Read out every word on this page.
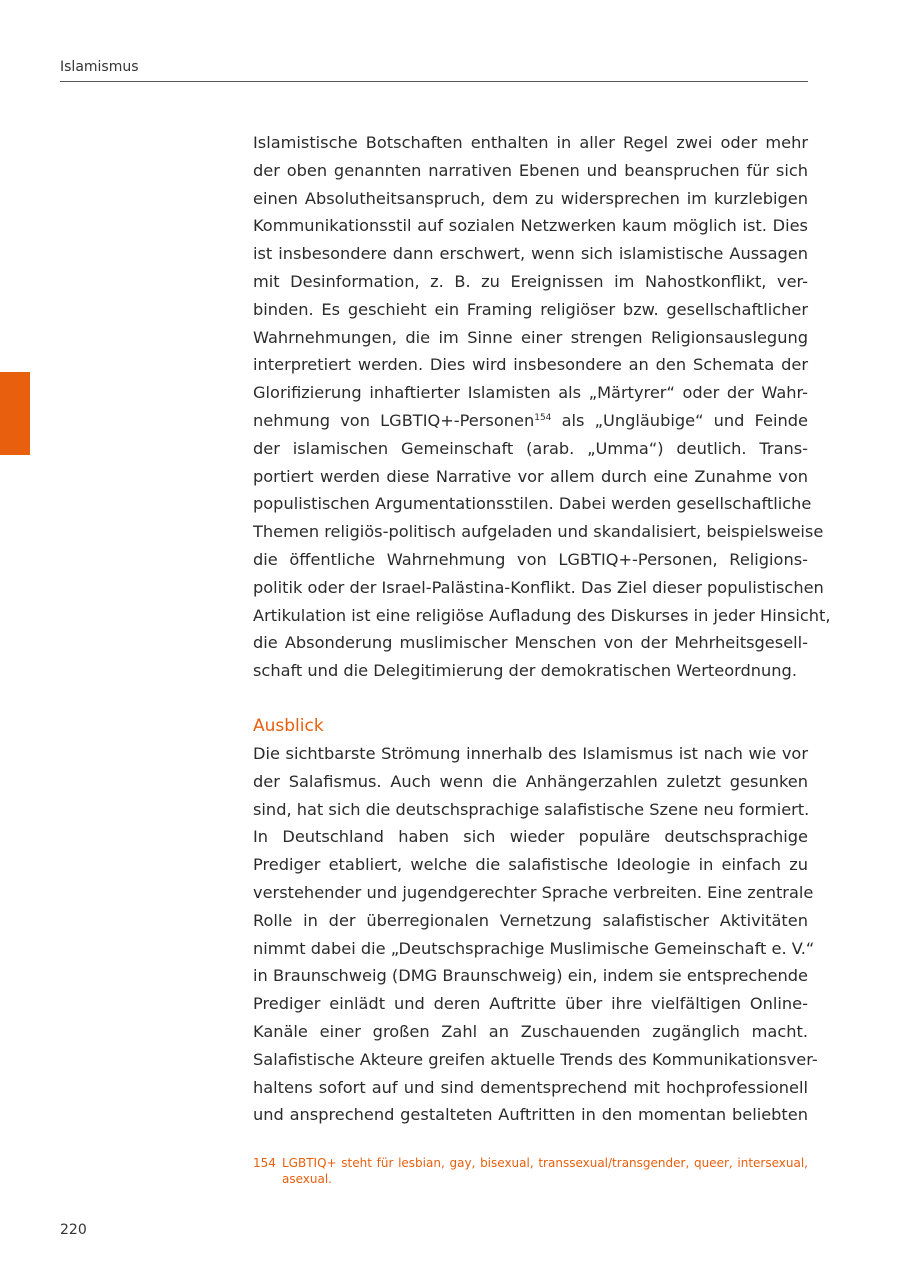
Islamismus
Islamistische Botschaften enthalten in aller Regel zwei oder mehr
der oben genannten narrativen Ebenen und beanspruchen für sich
einen Absolutheitsanspruch, dem zu widersprechen im kurzlebigen
Kommunikationsstil auf sozialen Netzwerken kaum möglich ist. Dies
ist insbesondere dann erschwert, wenn sich islamistische Aussagen
mit Desinformation, z. B. zu Ereignissen im Nahostkonflikt, ver-
binden. Es geschieht ein Framing religiöser bzw. gesellschaftlicher
Wahrnehmungen, die im Sinne einer strengen Religionsauslegung
interpretiert werden. Dies wird insbesondere an den Schemata der
Glorifizierung inhaftierter Islamisten als „Märtyrer“ oder der Wahr-
nehmung von LGBTIQ+-Personen$^{154}$ als „Ungläubige“ und Feinde
der islamischen Gemeinschaft (arab. „Umma“) deutlich. Trans-
portiert werden diese Narrative vor allem durch eine Zunahme von
populistischen Argumentationsstilen. Dabei werden gesellschaftliche
Themen religiös-politisch aufgeladen und skandalisiert, beispielsweise
die öffentliche Wahrnehmung von LGBTIQ+-Personen, Religions-
politik oder der Israel-Palästina-Konflikt. Das Ziel dieser populistischen
Artikulation ist eine religiöse Aufladung des Diskurses in jeder Hinsicht,
die Absonderung muslimischer Menschen von der Mehrheitsgesell-
schaft und die Delegitimierung der demokratischen Werteordnung.
Ausblick
Die sichtbarste Strömung innerhalb des Islamismus ist nach wie vor
der Salafismus. Auch wenn die Anhängerzahlen zuletzt gesunken
sind, hat sich die deutschsprachige salafistische Szene neu formiert.
In Deutschland haben sich wieder populäre deutschsprachige
Prediger etabliert, welche die salafistische Ideologie in einfach zu
verstehender und jugendgerechter Sprache verbreiten. Eine zentrale
Rolle in der überregionalen Vernetzung salafistischer Aktivitäten
nimmt dabei die „Deutschsprachige Muslimische Gemeinschaft e. V.“
in Braunschweig (DMG Braunschweig) ein, indem sie entsprechende
Prediger einlädt und deren Auftritte über ihre vielfältigen Online-
Kanäle einer großen Zahl an Zuschauenden zugänglich macht.
Salafistische Akteure greifen aktuelle Trends des Kommunikationsver-
haltens sofort auf und sind dementsprechend mit hochprofessionell
und ansprechend gestalteten Auftritten in den momentan beliebten
154 LGBTIQ+ steht für lesbian, gay, bisexual, transsexual/transgender, queer, intersexual, asexual.
220
